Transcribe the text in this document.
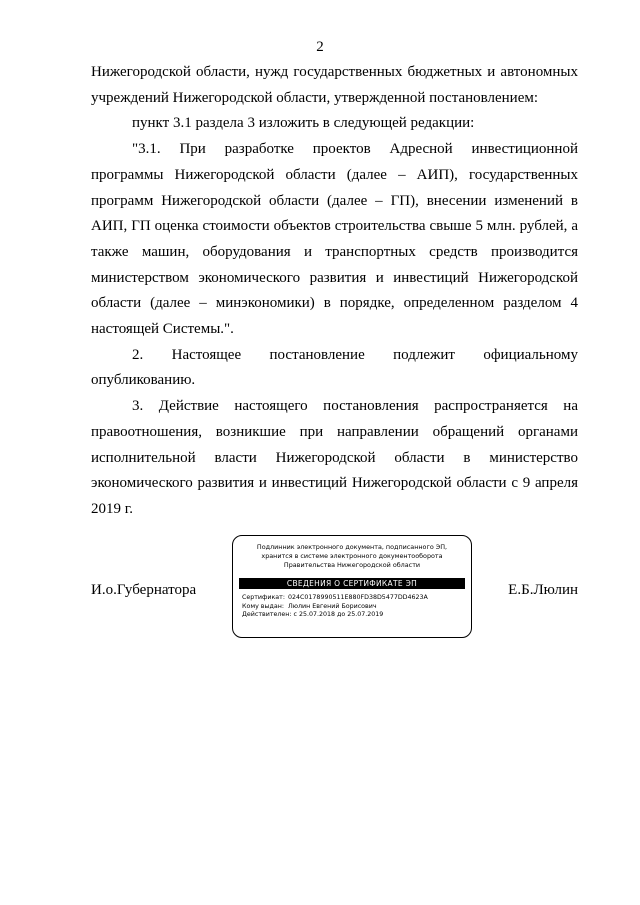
2

Нижегородской области, нужд государственных бюджетных и автономных учреждений Нижегородской области, утвержденной постановлением:

пункт 3.1 раздела 3 изложить в следующей редакции:

"3.1. При разработке проектов Адресной инвестиционной программы Нижегородской области (далее – АИП), государственных программ Нижегородской области (далее – ГП), внесении изменений в АИП, ГП оценка стоимости объектов строительства свыше 5 млн. рублей, а также машин, оборудования и транспортных средств производится министерством экономического развития и инвестиций Нижегородской области (далее – минэкономики) в порядке, определенном разделом 4 настоящей Системы.".

2. Настоящее постановление подлежит официальному опубликованию.

3. Действие настоящего постановления распространяется на правоотношения, возникшие при направлении обращений органами исполнительной власти Нижегородской области в министерство экономического развития и инвестиций Нижегородской области с 9 апреля 2019 г.

И.о.Губернатора	Е.Б.Люлин
Подлинник электронного документа, подписанного ЭП,
хранится в системе электронного документооборота
Правительства Нижегородской области
СВЕДЕНИЯ О СЕРТИФИКАТЕ ЭП
Сертификат: 024C0178990511E880FD38D5477DD4623A
Кому выдан: Люлин Евгений Борисович
Действителен: с 25.07.2018 до 25.07.2019
